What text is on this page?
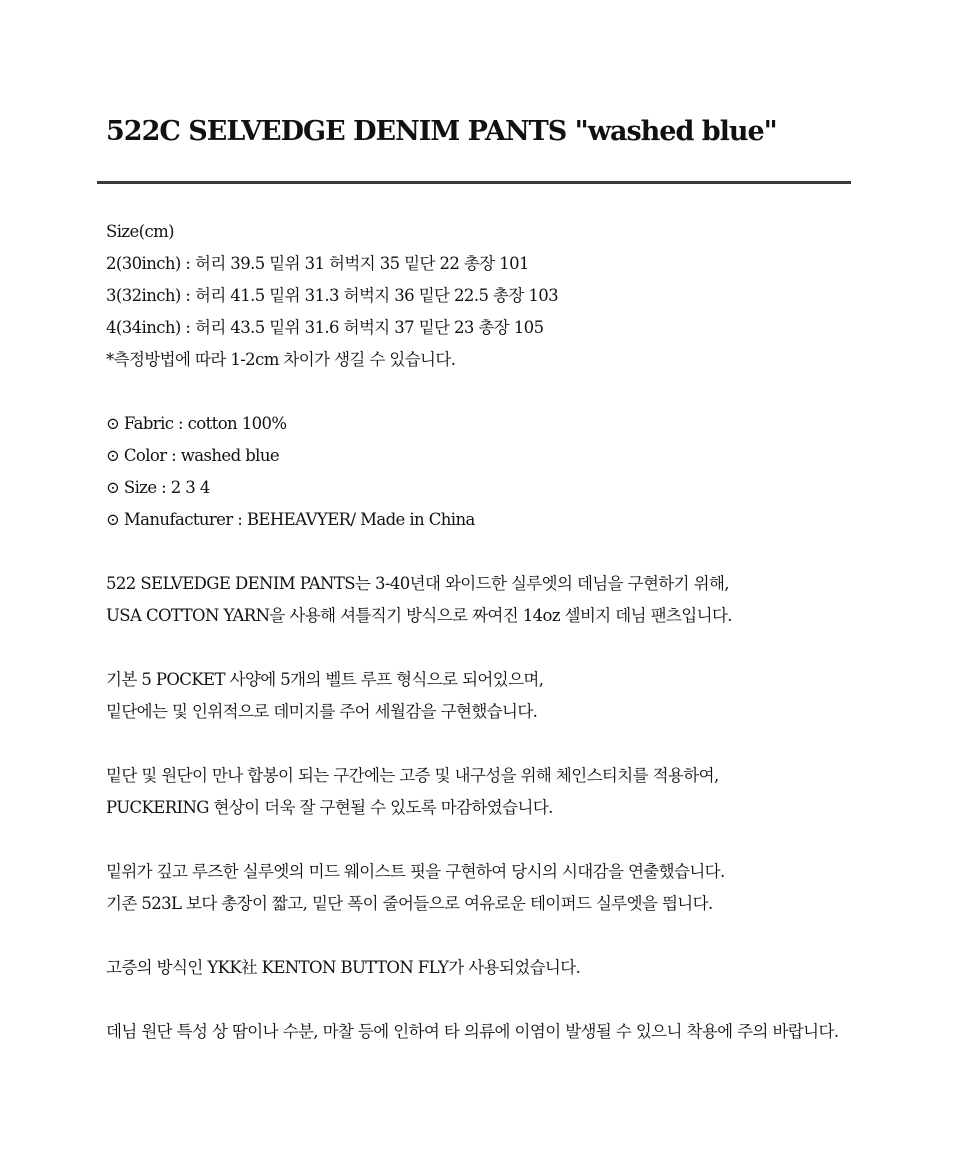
522C SELVEDGE DENIM PANTS "washed blue"
Size(cm)
2(30inch) : 허리 39.5 밑위 31 허벅지 35 밑단 22 총장 101
3(32inch) : 허리 41.5 밑위 31.3 허벅지 36 밑단 22.5 총장 103
4(34inch) : 허리 43.5 밑위 31.6 허벅지 37 밑단 23 총장 105
*측정방법에 따라 1-2cm 차이가 생길 수 있습니다.
⊙ Fabric : cotton 100%
⊙ Color : washed blue
⊙ Size : 2 3 4
⊙ Manufacturer : BEHEAVYER/ Made in China
522 SELVEDGE DENIM PANTS는 3-40년대 와이드한 실루엣의 데님을 구현하기 위해,
USA COTTON YARN을 사용해 셔틀직기 방식으로 짜여진 14oz 셀비지 데님 팬츠입니다.
기본 5 POCKET 사양에 5개의 벨트 루프 형식으로 되어있으며,
밑단에는 및 인위적으로 데미지를 주어 세월감을 구현했습니다.
밑단 및 원단이 만나 합봉이 되는 구간에는 고증 및 내구성을 위해 체인스티치를 적용하여,
PUCKERING 현상이 더욱 잘 구현될 수 있도록 마감하였습니다.
밑위가 깊고 루즈한 실루엣의 미드 웨이스트 핏을 구현하여 당시의 시대감을 연출했습니다.
기존 523L 보다 총장이 짧고, 밑단 폭이 줄어들으로 여유로운 테이퍼드 실루엣을 띕니다.
고증의 방식인 YKK社 KENTON BUTTON FLY가 사용되었습니다.
데님 원단 특성 상 땀이나 수분, 마찰 등에 인하여 타 의류에 이염이 발생될 수 있으니 착용에 주의 바랍니다.
